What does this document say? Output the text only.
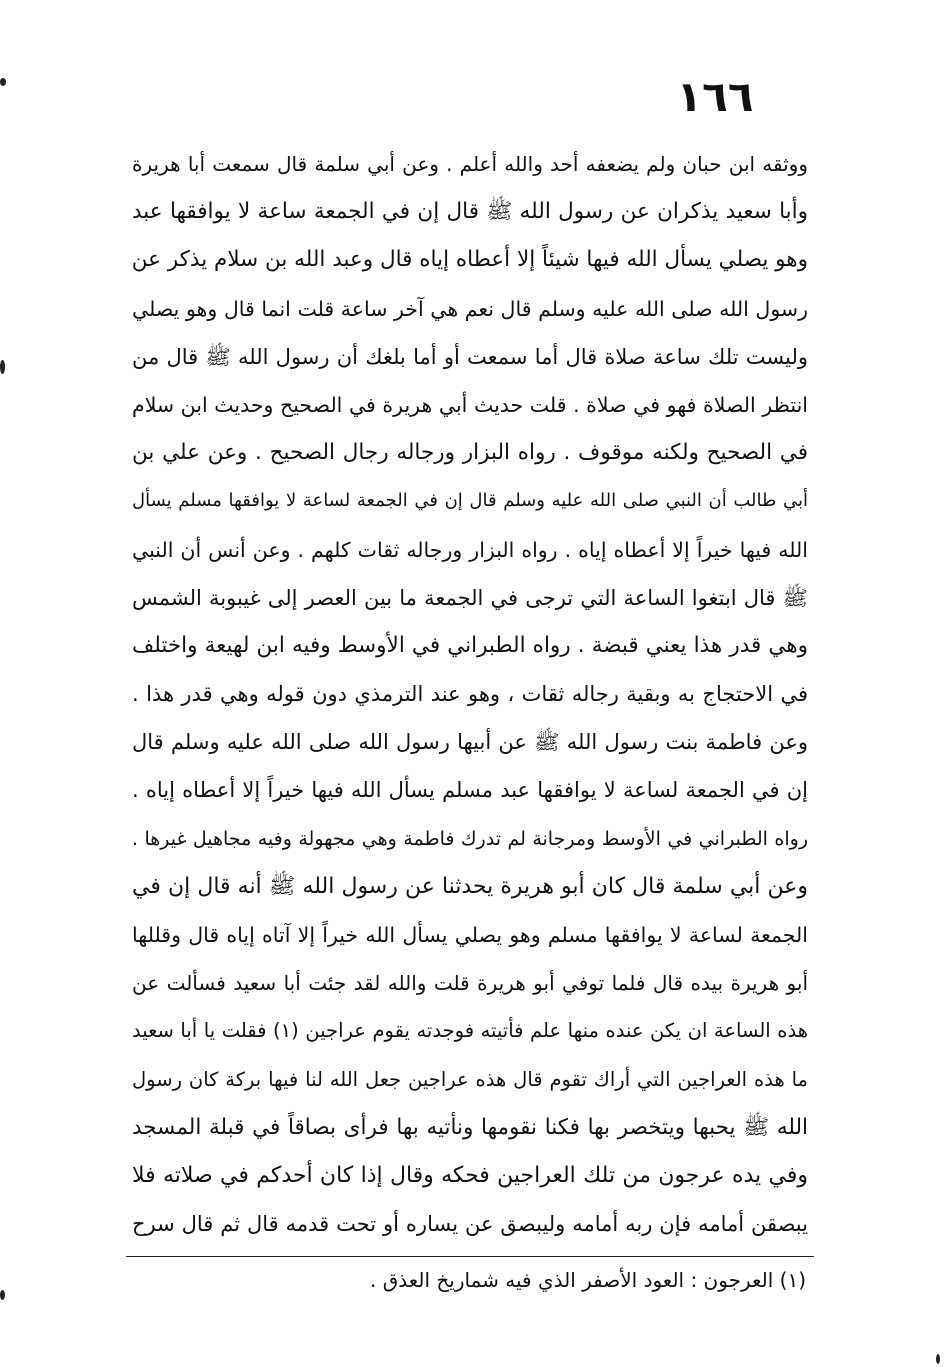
١٦٦
ووثقه ابن حبان ولم يضعفه أحد والله أعلم . وعن أبي سلمة قال سمعت أبا هريرة
وأبا سعيد يذكران عن رسول الله ﷺ قال إن في الجمعة ساعة لا يوافقها عبد
وهو يصلي يسأل الله فيها شيئاً إلا أعطاه إياه قال وعبد الله بن سلام يذكر عن
رسول الله صلى الله عليه وسلم قال نعم هي آخر ساعة قلت انما قال وهو يصلي
وليست تلك ساعة صلاة قال أما سمعت أو أما بلغك أن رسول الله ﷺ قال من
انتظر الصلاة فهو في صلاة . قلت حديث أبي هريرة في الصحيح وحديث ابن سلام
في الصحيح ولكنه موقوف . رواه البزار ورجاله رجال الصحيح . وعن علي بن
أبي طالب أن النبي صلى الله عليه وسلم قال إن في الجمعة لساعة لا يوافقها مسلم يسأل
الله فيها خيراً إلا أعطاه إياه . رواه البزار ورجاله ثقات كلهم . وعن أنس أن النبي
ﷺ قال ابتغوا الساعة التي ترجى في الجمعة ما بين العصر إلى غيبوبة الشمس
وهي قدر هذا يعني قبضة . رواه الطبراني في الأوسط وفيه ابن لهيعة واختلف
في الاحتجاج به وبقية رجاله ثقات ، وهو عند الترمذي دون قوله وهي قدر هذا .
وعن فاطمة بنت رسول الله ﷺ عن أبيها رسول الله صلى الله عليه وسلم قال
إن في الجمعة لساعة لا يوافقها عبد مسلم يسأل الله فيها خيراً إلا أعطاه إياه .
رواه الطبراني في الأوسط ومرجانة لم تدرك فاطمة وهي مجهولة وفيه مجاهيل غيرها .
وعن أبي سلمة قال كان أبو هريرة يحدثنا عن رسول الله ﷺ أنه قال إن في
الجمعة لساعة لا يوافقها مسلم وهو يصلي يسأل الله خيراً إلا آتاه إياه قال وقللها
أبو هريرة بيده قال فلما توفي أبو هريرة قلت والله لقد جئت أبا سعيد فسألت عن
هذه الساعة ان يكن عنده منها علم فأتيته فوجدته يقوم عراجين (١) فقلت يا أبا سعيد
ما هذه العراجين التي أراك تقوم قال هذه عراجين جعل الله لنا فيها بركة كان رسول
الله ﷺ يحبها ويتخصر بها فكنا نقومها ونأتيه بها فرأى بصاقاً في قبلة المسجد
وفي يده عرجون من تلك العراجين فحكه وقال إذا كان أحدكم في صلاته فلا
يبصقن أمامه فإن ربه أمامه وليبصق عن يساره أو تحت قدمه قال ثم قال سرح
(١) العرجون : العود الأصفر الذي فيه شماريخ العذق .
